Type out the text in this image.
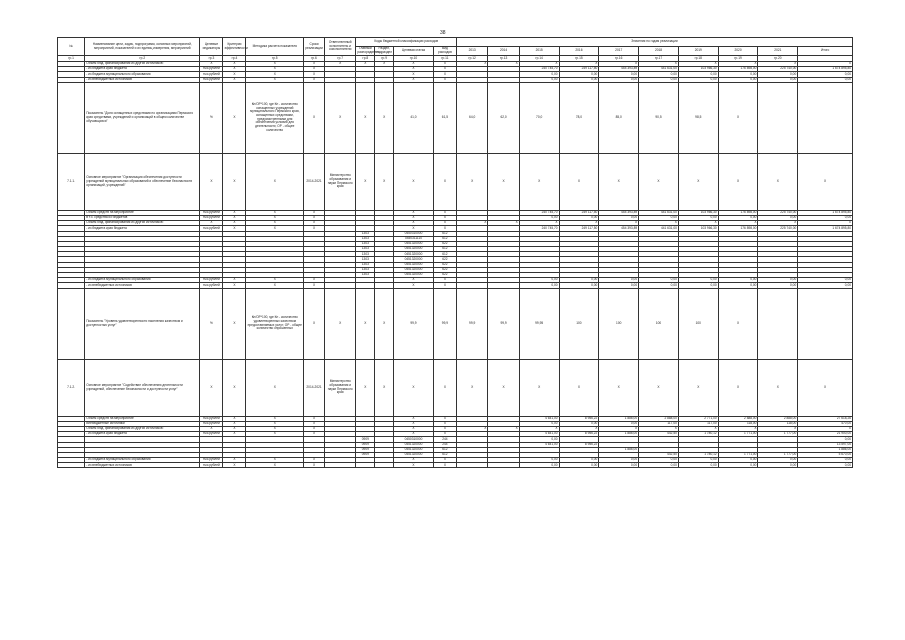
38
№	Наименование цели, задач, подпрограмм, основных мероприятий, мероприятий, показателей и их единиц измерения, мероприятий	Целевые индикаторы	Критерии эффективности	Методика расчета показателя	Сроки реализации	Ответственный исполнитель и соисполнители	Коды бюджетной классификации расходов				Значения по годам реализации									
							Главный распорядитель	Раздел, подраздел	Целевая статья	Вид расходов	2013	2014	2015	2016	2017	2018	2019	2020	2021	Итого
гр.1	гр.2	гр.3	гр.4	гр.5	гр.6	гр.7	гр.8	гр.9	гр.10	гр.11	гр.12	гр.13	гр.14	гр.15	гр.16	гр.17	гр.18	гр.19	гр.20	
	Объем бюд. финансирования из других источников:	Х	Х	Х	Х	Х	Х	Х	Х	Х	Х	Х	Х	Х	Х	Х	Х	Х	Х	Х
	- из бюджета края бюджета	тыс.рублей	Х	Х	Х				Х	Х			240 745,70	249 117,50	454 393,89	441 631,00	103 966,30	176 898,00	225 740,00	1 674 895,80
	- из бюджета муниципального образования	тыс.рублей	Х	Х	Х				Х	Х			0,00	0,00	0,00	0,00	0,00	0,00	0,00	0,00
	- из внебюджетных источников	тыс.рублей	Х	Х	Х				Х	Х			0,00	0,00	0,00	0,00	0,00	0,00	0,00	0,00
	Показатель "Доля оснащенных средствами по организациям Пермского края средствами, учреждений и организаций в общем количестве обучающихся"	%	Х	Кн/ОР*100, где Кн - количество оснащенных учреждений муниципального Пермского края, оснащенных средствами, предусмотренными для обеспечения условий для деятельности; ОР - общее количество	Х	Х	Х	Х	41,0	61,5	64,0	62,0	70,0	78,0	85,0	90,5	98,5	Х		
7.1.1.	Основное мероприятие "Организация обеспечения доступности учреждений муниципальных образований и обеспечение безопасности организаций, учреждений"	Х	Х	Х	2014-2021	Министерство образования и науки Пермского края	Х	Х	Х	Х	Х	Х	Х	Х	Х	Х	Х	Х	Х	Х
	Объем средств на мероприятие	тыс.рублей	Х	Х	Х				Х	Х			240 745,70	249 117,50	454 393,89	441 631,00	103 966,30	176 898,00	225 740,00	1 674 895,80
	в т.ч. средства из бюджетов	тыс.рублей	Х	Х	Х				Х	Х			0,00	0,00	0,00	0,00	0,00	0,00	0,00	0,00
	Объем бюд. финансирования из других источников:	Х	Х	Х	Х				Х	Х	Х	Х	Х	Х	Х	Х	Х	Х	Х	Х
	- из бюджета края бюджета	тыс.рублей	Х	Х	Х				Х	Х			240 745,70	249 117,50	454 393,89	441 631,00	103 966,30	176 898,00	225 740,00	1 674 895,80
							1303		0450310000	612										
							1303		0450311110	612										
							1303		0451320000	622										
							1303		0451320000	612										
							1303		0451320000	612										
							1303		0451320000	622										
							1303		0451320000	622										
							1303		0451320000	622										
							1303		0451320000	622										
	- из бюджета муниципального образования	тыс.рублей	Х	Х	Х				Х	Х			0,00	0,00	0,00	0,00	0,00	0,00	0,00	0,00
	- из внебюджетных источников	тыс.рублей	Х	Х	Х				Х	Х			0,00	0,00	0,00	0,00	0,00	0,00	0,00	0,00
	Показатель "Уровень удовлетворенности населения качеством и доступностью услуг"	%	Х	Кн/ОР*100, где Кн - количество удовлетворенных качеством предоставляемых услуг; ОР - общее количество опрошенных	Х	Х	Х	Х	99,9	99,9	99,9	99,9	99,95	100	100	100	100	Х		
7.1.2.	Основное мероприятие "Содействие обеспечению деятельности учреждений, обеспечение безопасности и доступности услуг"	Х	Х	Х	2014-2021	Министерство образования и науки Пермского края	Х	Х	Х	Х	Х	Х	Х	Х	Х	Х	Х	Х	Х	Х
	Объем средств на мероприятие	тыс.рублей	Х	Х	Х				Х	Х			4 641,00	8 956,22	1 886,00	2 888,00	2 771,00	2 888,00	2 888,00	27 618,26
	Внебюджетные источники	тыс.рублей	Х	Х	Х				Х	Х			0,00	0,00	0,00	117,00	117,00	118,00	118,00	470,00
	Объем бюд. финансирования из других источников:	Х	Х	Х	Х				Х	Х	Х	Х	Х	Х	Х	Х	Х	Х	Х	Х
	- из бюджета края бюджета	тыс.рублей	Х	Х	Х				Х	Х			4 641,00	8 956,22	1 886,00	442,50	1 780,12	1 771,00	1 777,00	21 900,00
							0909		0450310000	244			0,00							0,00
							0909		0451320000	244			4 641,00	8 956,22						13 597,00
							0909		0451320000	612					1 886,00					1 886,00
							0909		0451320000	612						442,50	1 780,12	1 771,00	1 777,00	5 670,00
	- из бюджета муниципального образования	тыс.рублей	Х	Х	Х				Х	Х			0,00	0,00	0,00	0,00	0,00	0,00	0,00	0,00
	- из внебюджетных источников	тыс.рублей	Х	Х	Х				Х	Х			0,00	0,00	0,00	0,00	0,00	0,00	0,00	0,00
